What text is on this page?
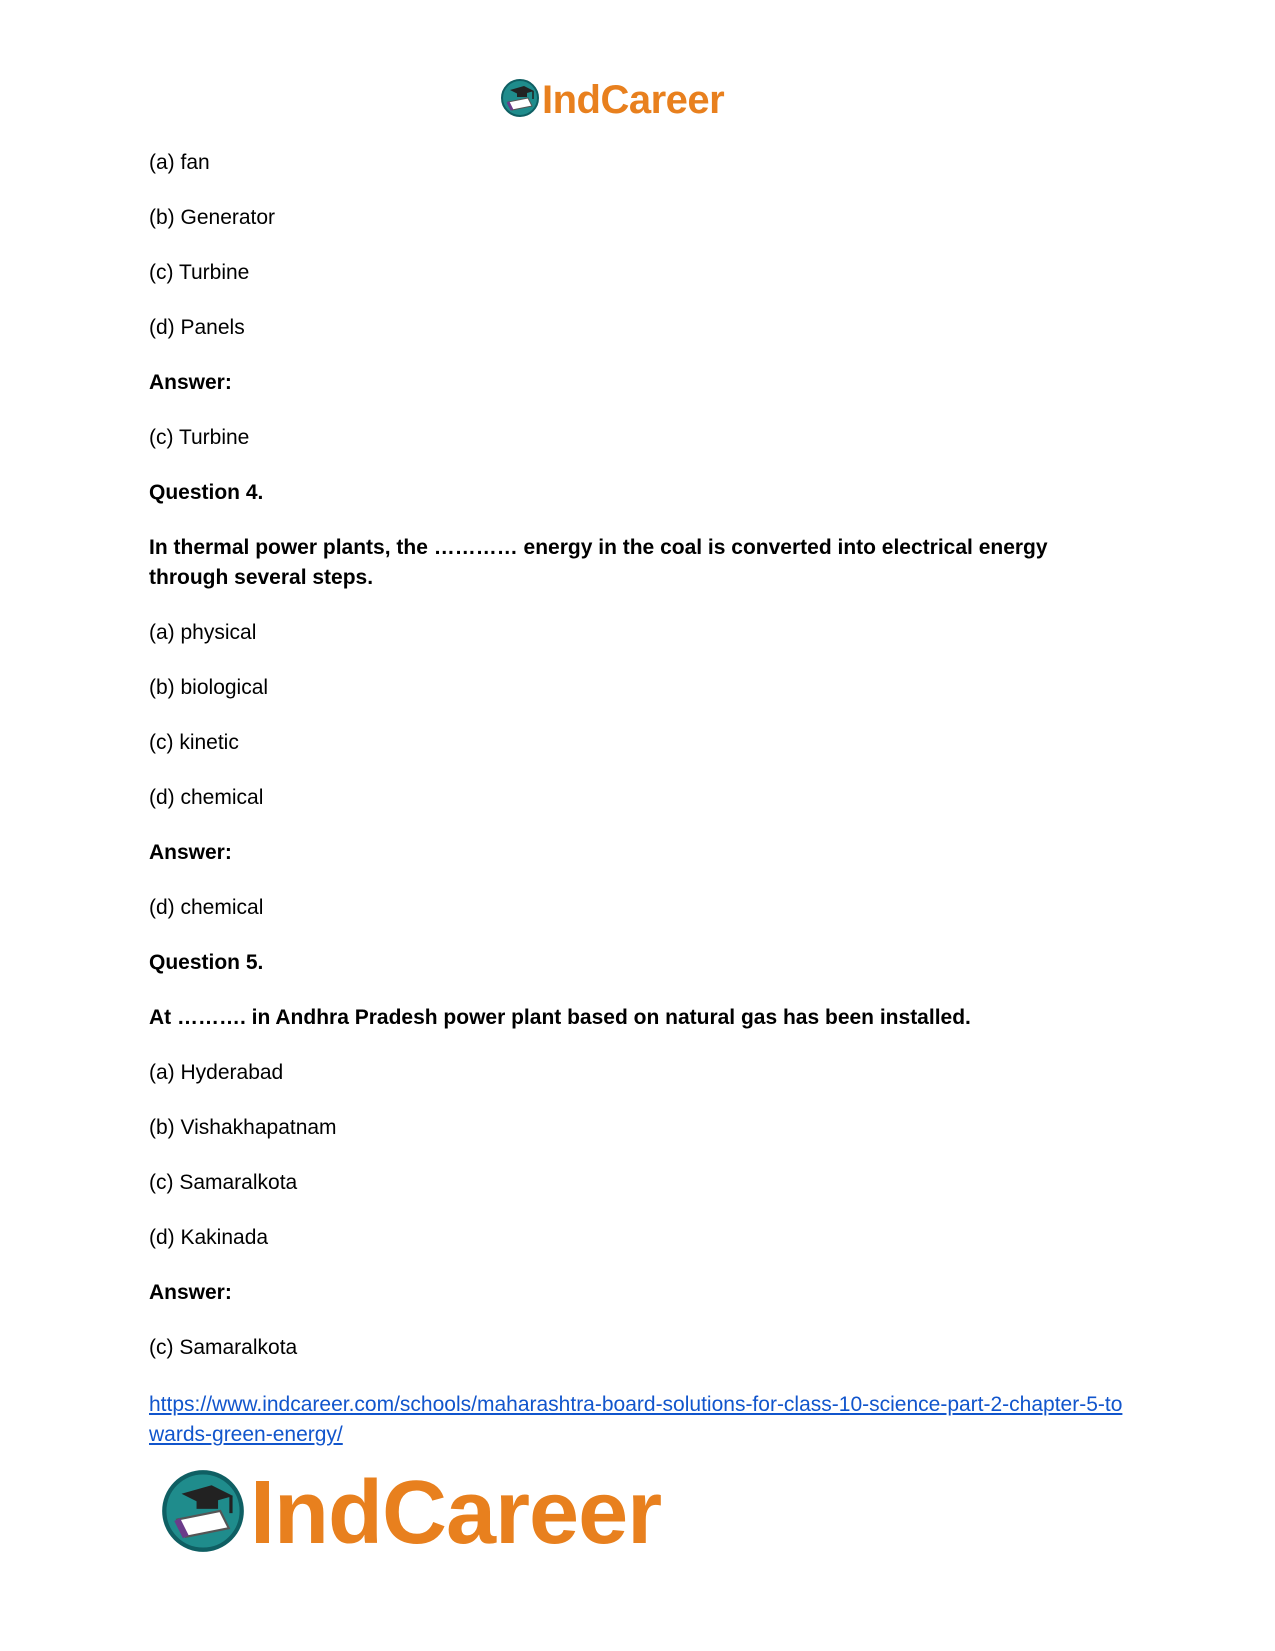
IndCareer
(a) fan
(b) Generator
(c) Turbine
(d) Panels
Answer:
(c) Turbine
Question 4.
In thermal power plants, the ………… energy in the coal is converted into electrical energy through several steps.
(a) physical
(b) biological
(c) kinetic
(d) chemical
Answer:
(d) chemical
Question 5.
At ………. in Andhra Pradesh power plant based on natural gas has been installed.
(a) Hyderabad
(b) Vishakhapatnam
(c) Samaralkota
(d) Kakinada
Answer:
(c) Samaralkota
https://www.indcareer.com/schools/maharashtra-board-solutions-for-class-10-science-part-2-chapter-5-towards-green-energy/
IndCareer
